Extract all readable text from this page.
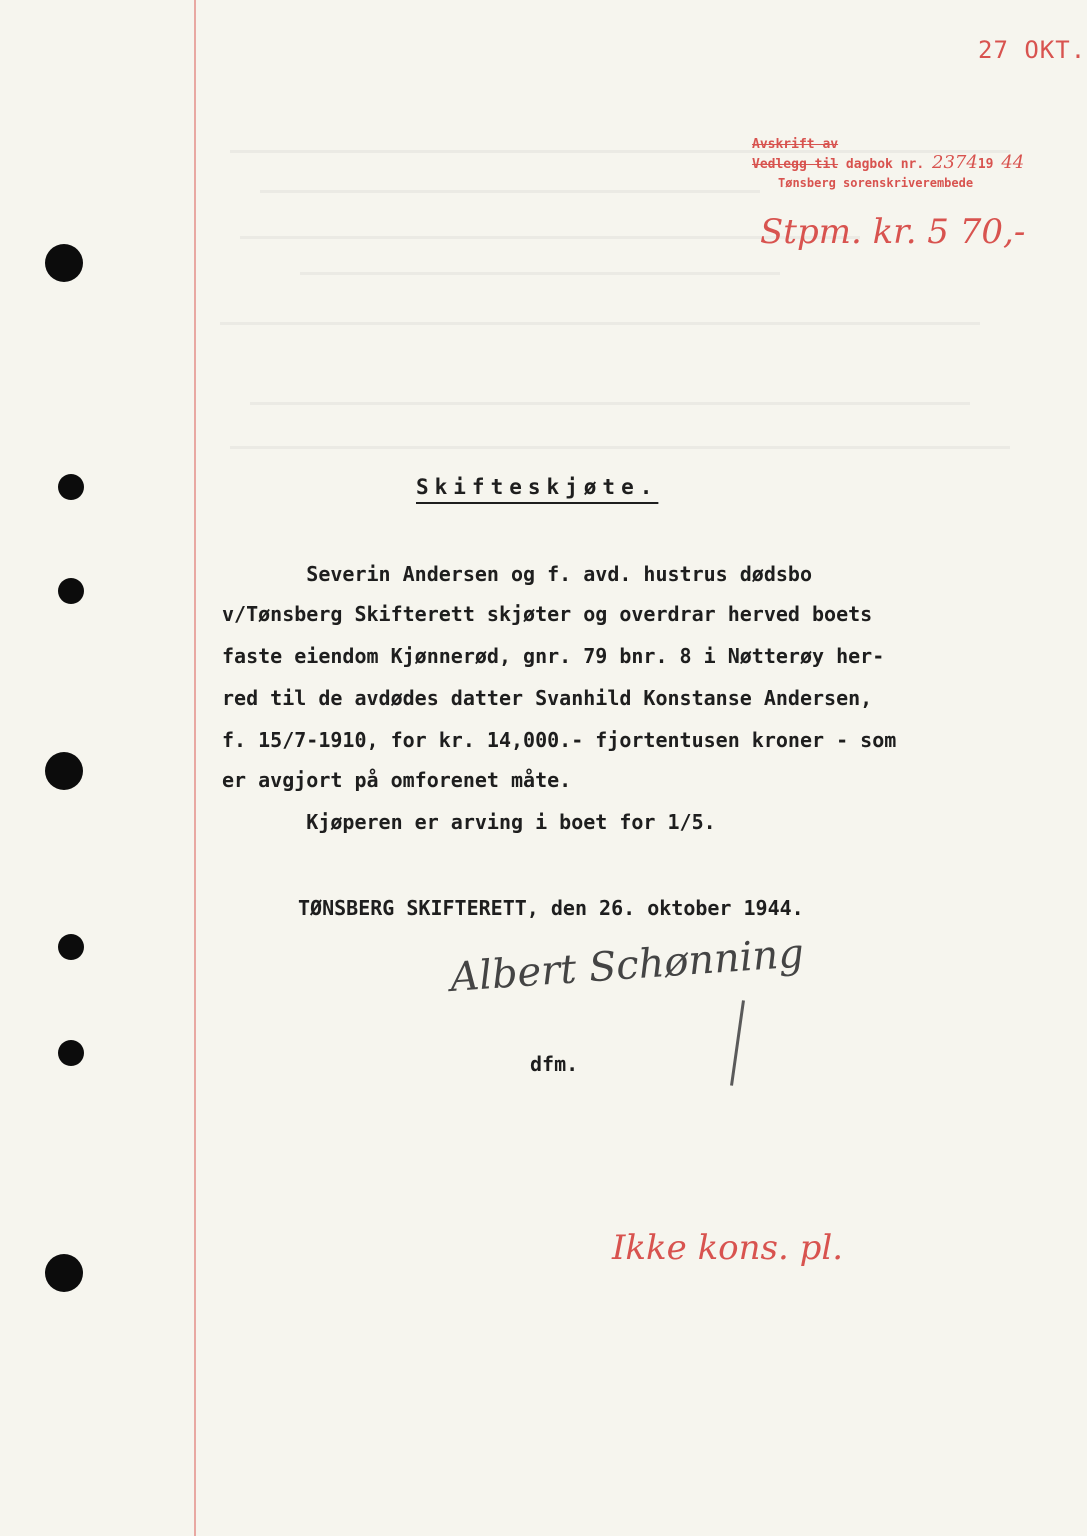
27 OKT.
Avskrift av
Vedlegg til dagbok nr. 237419 44
Tønsberg sorenskriverembede
Stpm. kr. 5 70,-
Skifteskjøte.
Severin Andersen og f. avd. hustrus dødsbo
v/Tønsberg Skifterett skjøter og overdrar herved boets
faste eiendom Kjønnerød, gnr. 79 bnr. 8 i Nøtterøy her-
red til de avdødes datter Svanhild Konstanse Andersen,
f. 15/7-1910, for kr. 14,000.- fjortentusen kroner - som
er avgjort på omforenet måte.
Kjøperen er arving i boet for 1/5.
TØNSBERG SKIFTERETT, den 26. oktober 1944.
Albert Schønning
dfm.
Ikke kons. pl.
